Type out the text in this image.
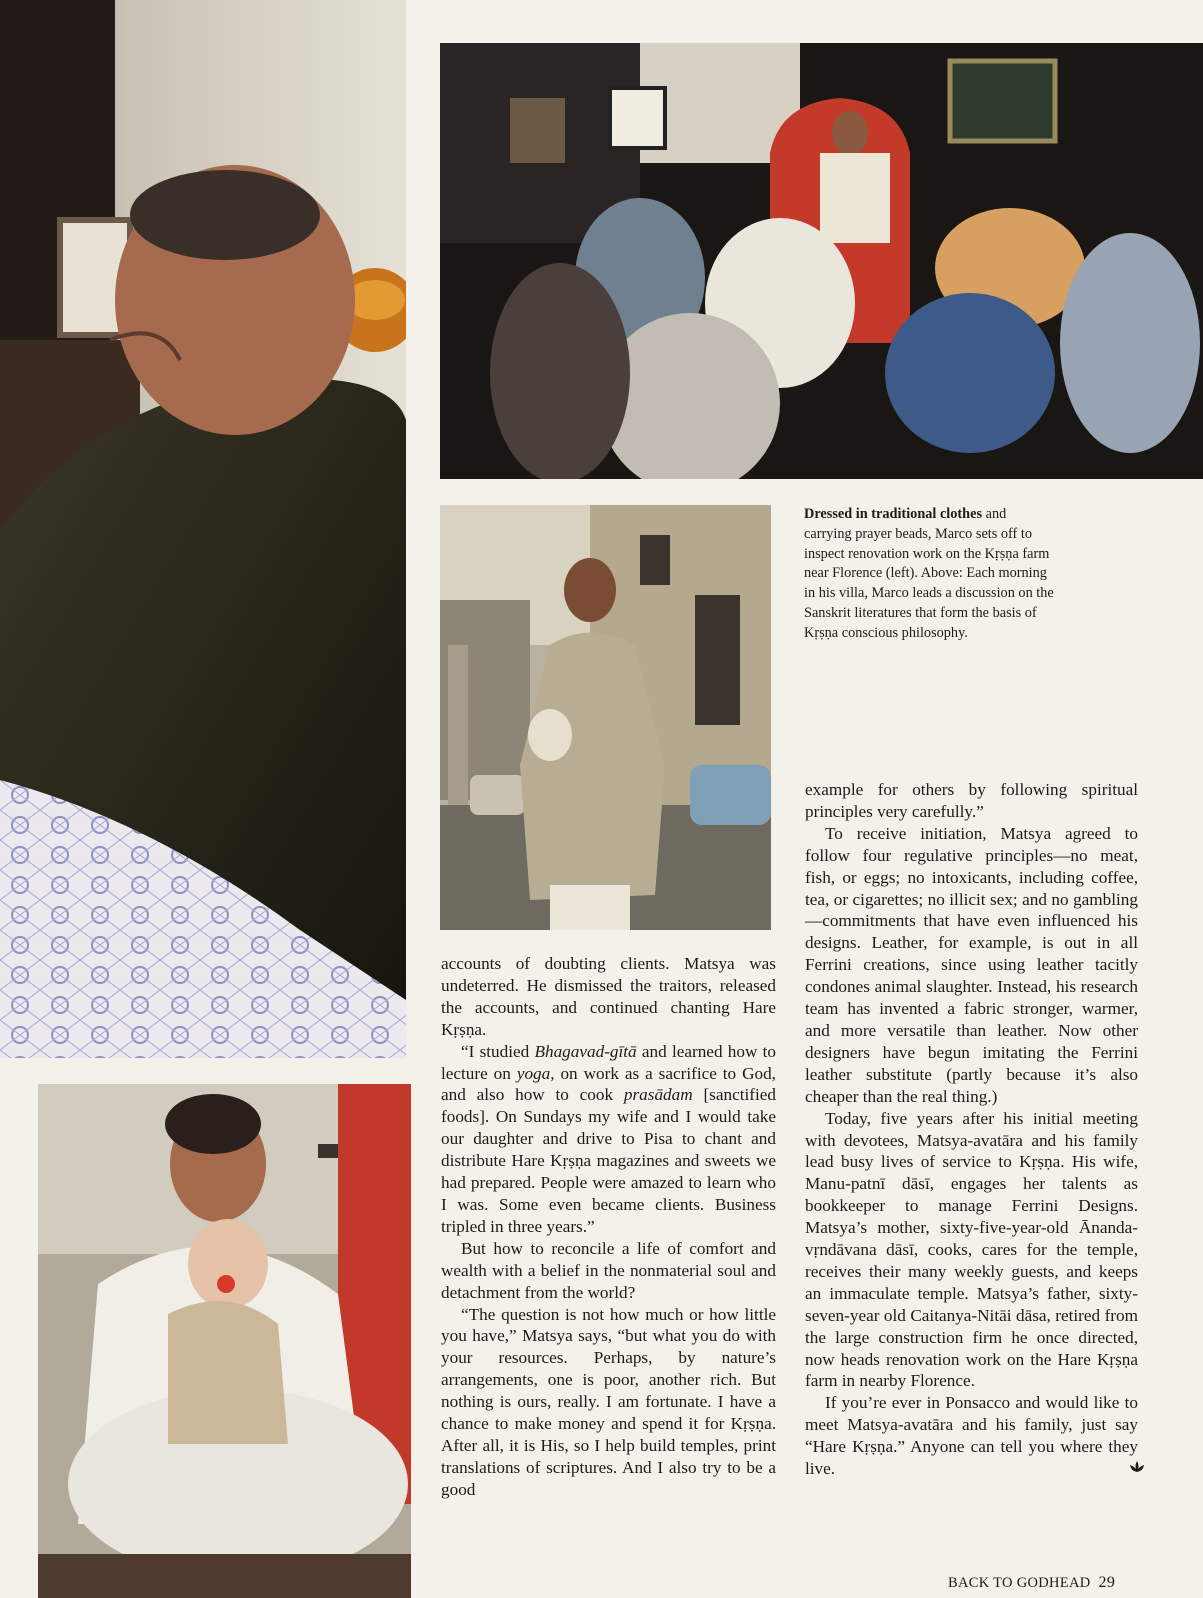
Dressed in traditional clothes and carrying prayer beads, Marco sets off to inspect renovation work on the Kṛṣṇa farm near Florence (left). Above: Each morning in his villa, Marco leads a discussion on the Sanskrit literatures that form the basis of Kṛṣṇa conscious philosophy.

accounts of doubting clients. Matsya was undeterred. He dismissed the traitors, released the accounts, and continued chanting Hare Kṛṣṇa.

“I studied Bhagavad-gītā and learned how to lecture on yoga, on work as a sacrifice to God, and also how to cook prasādam [sanctified foods]. On Sundays my wife and I would take our daughter and drive to Pisa to chant and distribute Hare Kṛṣṇa magazines and sweets we had prepared. People were amazed to learn who I was. Some even became clients. Business tripled in three years.”

But how to reconcile a life of comfort and wealth with a belief in the nonmaterial soul and detachment from the world?

“The question is not how much or how little you have,” Matsya says, “but what you do with your resources. Perhaps, by nature’s arrangements, one is poor, another rich. But nothing is ours, really. I am fortunate. I have a chance to make money and spend it for Kṛṣṇa. After all, it is His, so I help build temples, print translations of scriptures. And I also try to be a good

example for others by following spiritual principles very carefully.”

To receive initiation, Matsya agreed to follow four regulative principles—no meat, fish, or eggs; no intoxicants, including coffee, tea, or cigarettes; no illicit sex; and no gambling—commitments that have even influenced his designs. Leather, for example, is out in all Ferrini creations, since using leather tacitly condones animal slaughter. Instead, his research team has invented a fabric stronger, warmer, and more versatile than leather. Now other designers have begun imitating the Ferrini leather substitute (partly because it’s also cheaper than the real thing.)

Today, five years after his initial meeting with devotees, Matsya-avatāra and his family lead busy lives of service to Kṛṣṇa. His wife, Manu-patnī dāsī, engages her talents as bookkeeper to manage Ferrini Designs. Matsya’s mother, sixty-five-year-old Ānanda-vṛndāvana dāsī, cooks, cares for the temple, receives their many weekly guests, and keeps an immaculate temple. Matsya’s father, sixty-seven-year old Caitanya-Nitāi dāsa, retired from the large construction firm he once directed, now heads renovation work on the Hare Kṛṣṇa farm in nearby Florence.

If you’re ever in Ponsacco and would like to meet Matsya-avatāra and his family, just say “Hare Kṛṣṇa.” Anyone can tell you where they live.

BACK TO GODHEAD 29
